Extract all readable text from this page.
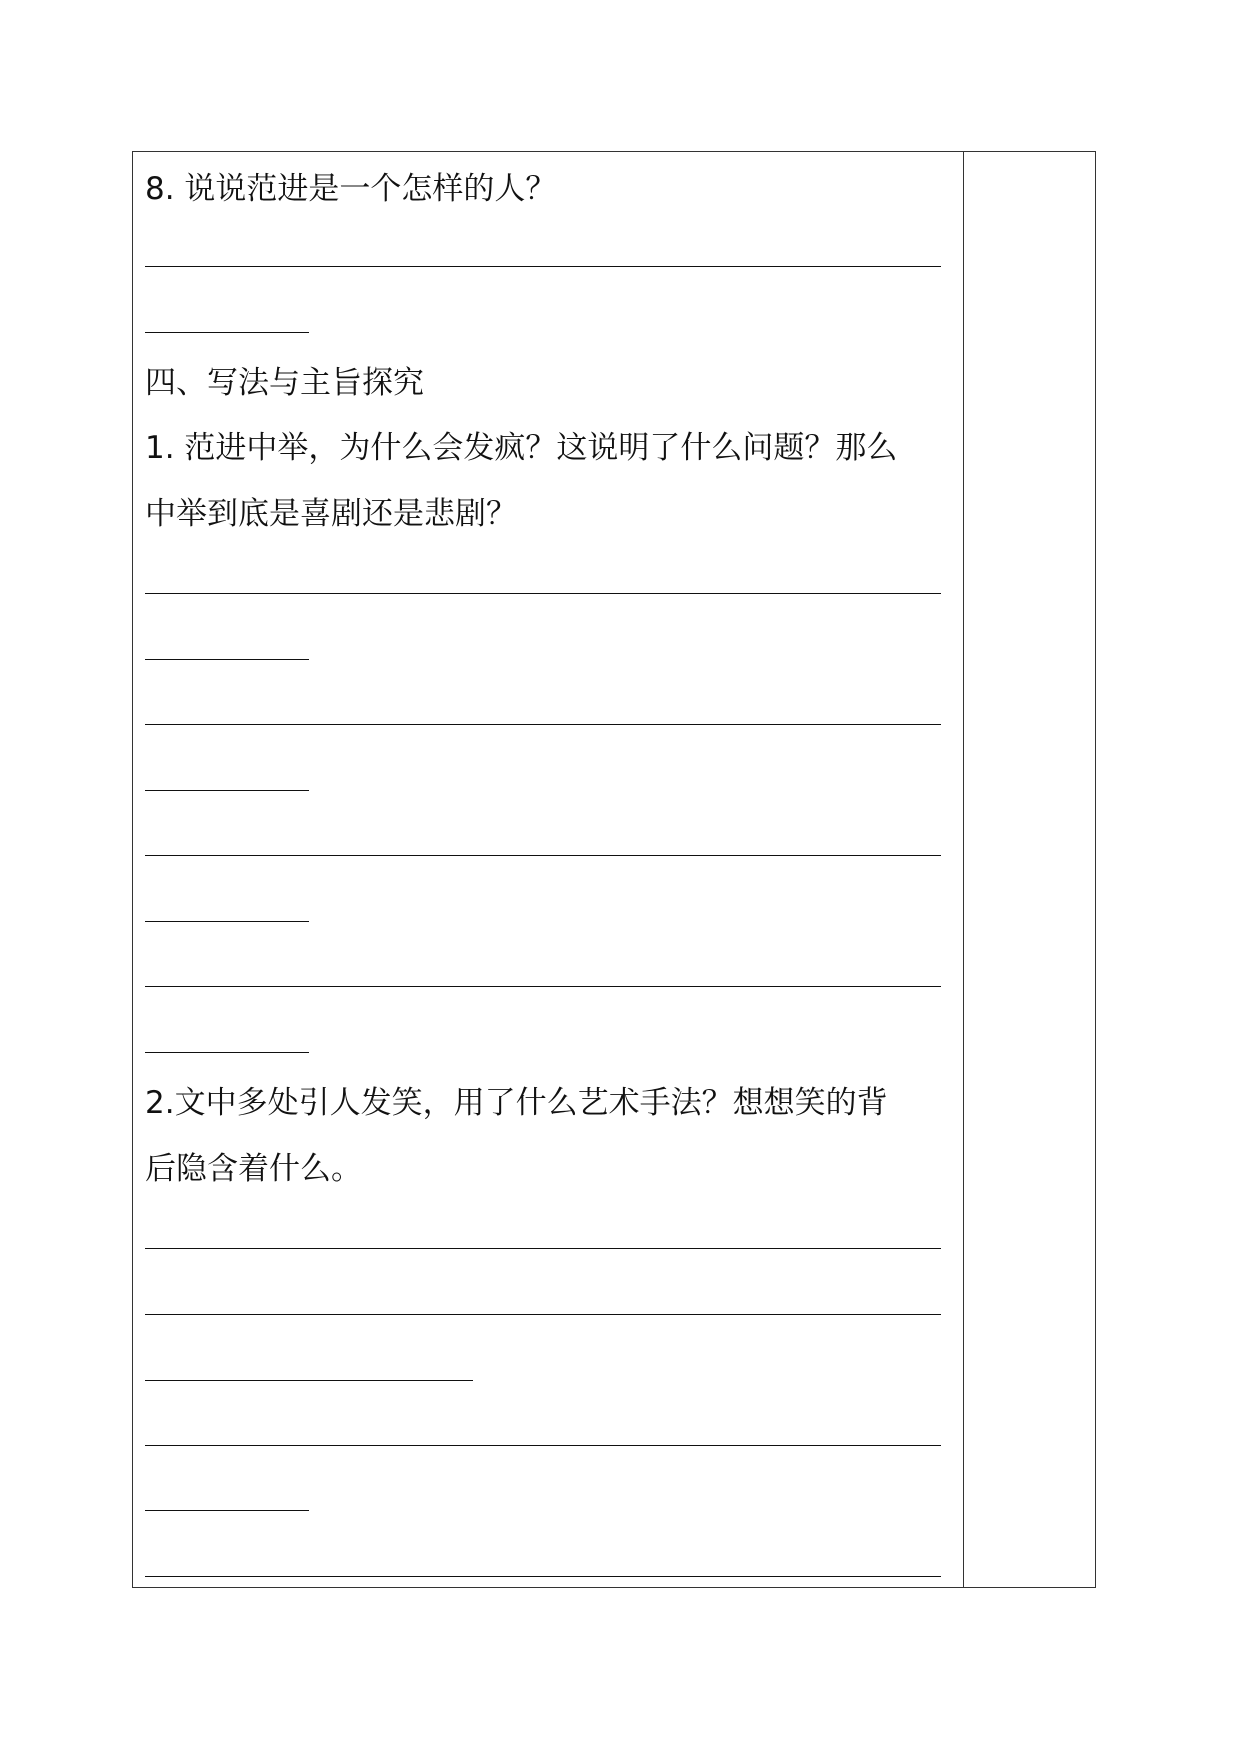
8. 说说范进是一个怎样的人？
四、写法与主旨探究
1. 范进中举，为什么会发疯？这说明了什么问题？那么
中举到底是喜剧还是悲剧？
2.文中多处引人发笑，用了什么艺术手法？想想笑的背
后隐含着什么。
